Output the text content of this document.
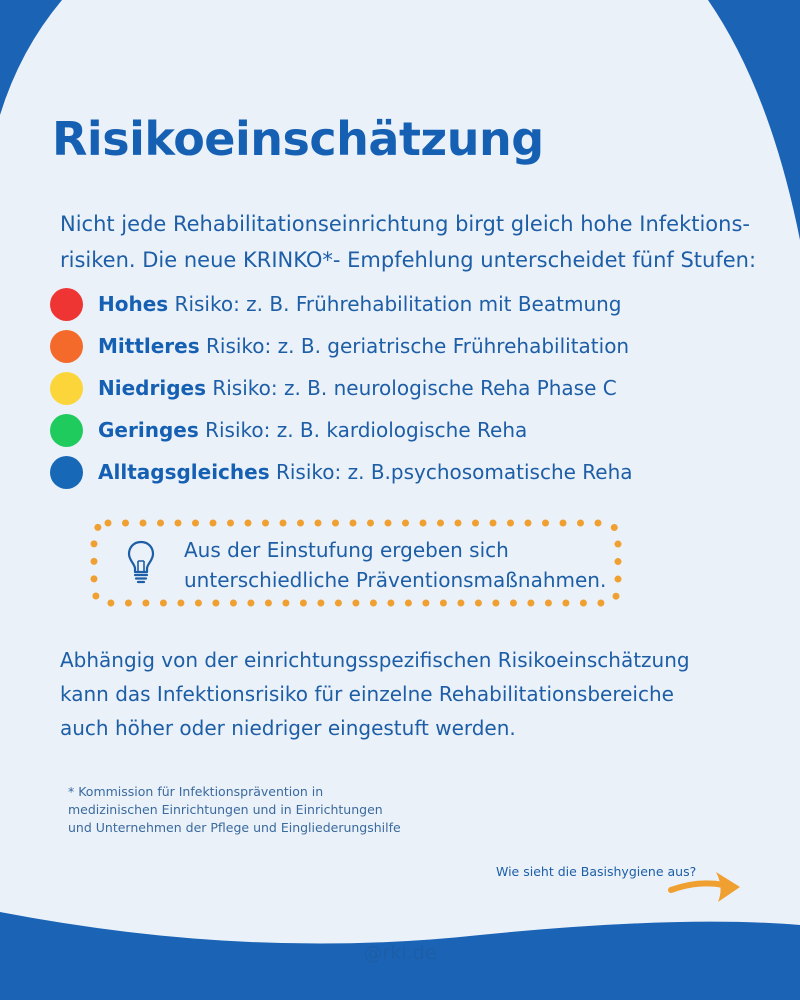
Risikoeinschätzung
Nicht jede Rehabilitationseinrichtung birgt gleich hohe Infektions-
risiken. Die neue KRINKO*- Empfehlung unterscheidet fünf Stufen:
Hohes Risiko: z. B. Frührehabilitation mit Beatmung
Mittleres Risiko: z. B. geriatrische Frührehabilitation
Niedriges Risiko: z. B. neurologische Reha Phase C
Geringes Risiko: z. B. kardiologische Reha
Alltagsgleiches Risiko: z. B.psychosomatische Reha
Aus der Einstufung ergeben sich
unterschiedliche Präventionsmaßnahmen.
Abhängig von der einrichtungsspezifischen Risikoeinschätzung
kann das Infektionsrisiko für einzelne Rehabilitationsbereiche
auch höher oder niedriger eingestuft werden.
* Kommission für Infektionsprävention in
medizinischen Einrichtungen und in Einrichtungen
und Unternehmen der Pflege und Eingliederungshilfe
Wie sieht die Basishygiene aus?
@rki.de
